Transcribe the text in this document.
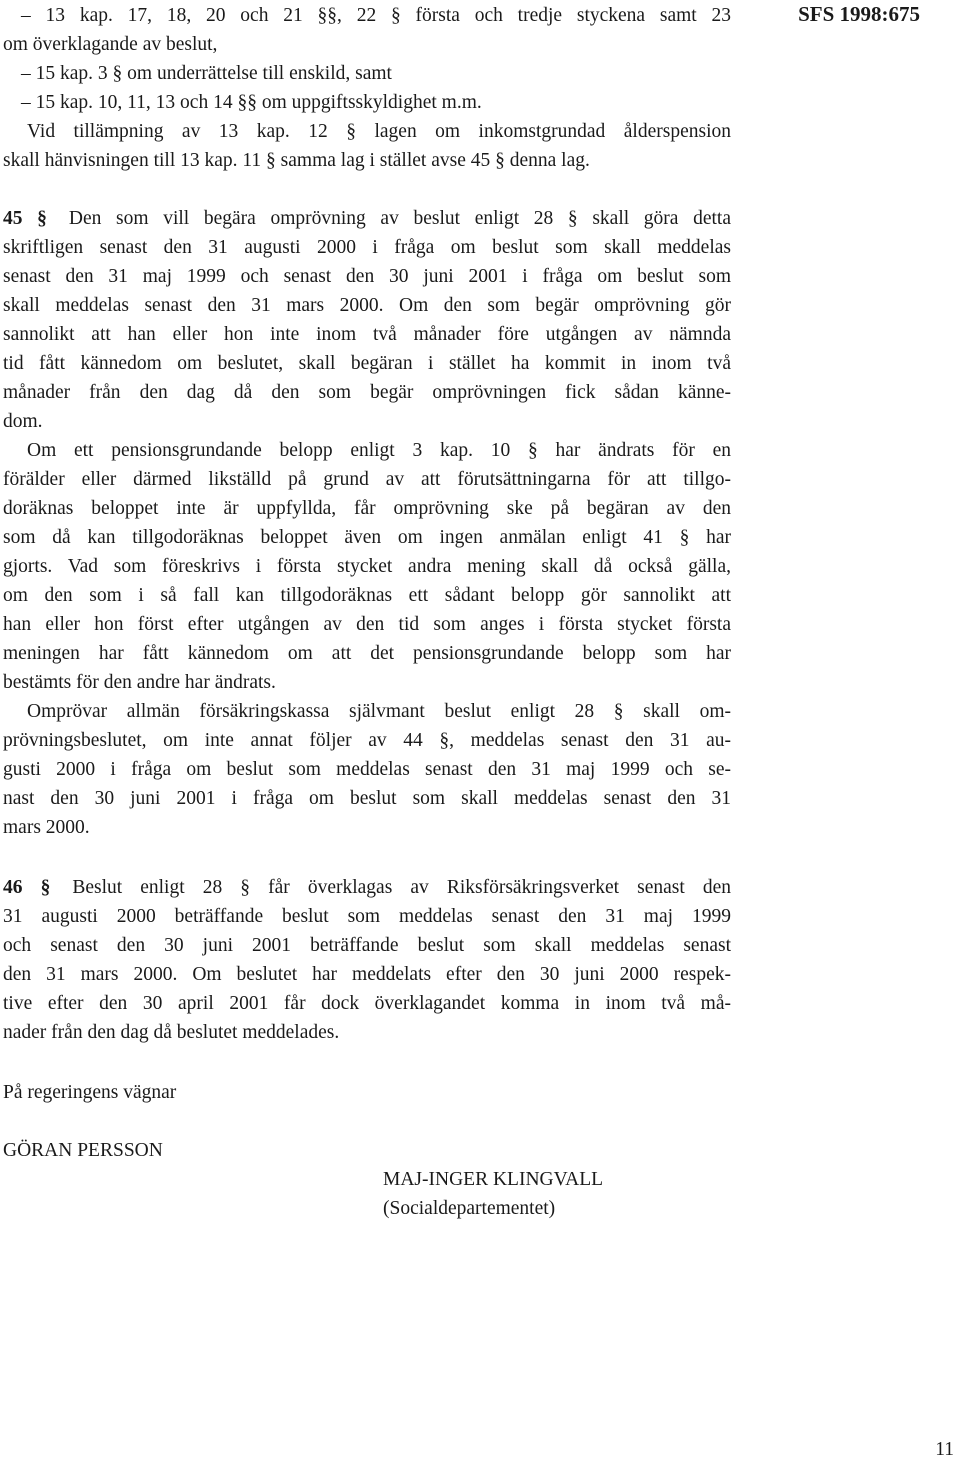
SFS 1998:675
– 13 kap. 17, 18, 20 och 21 §§, 22 § första och tredje styckena samt 23
om överklagande av beslut,
– 15 kap. 3 § om underrättelse till enskild, samt
– 15 kap. 10, 11, 13 och 14 §§ om uppgiftsskyldighet m.m.
Vid tillämpning av 13 kap. 12 § lagen om inkomstgrundad ålderspension
skall hänvisningen till 13 kap. 11 § samma lag i stället avse 45 § denna lag.
45 § Den som vill begära omprövning av beslut enligt 28 § skall göra detta
skriftligen senast den 31 augusti 2000 i fråga om beslut som skall meddelas
senast den 31 maj 1999 och senast den 30 juni 2001 i fråga om beslut som
skall meddelas senast den 31 mars 2000. Om den som begär omprövning gör
sannolikt att han eller hon inte inom två månader före utgången av nämnda
tid fått kännedom om beslutet, skall begäran i stället ha kommit in inom två
månader från den dag då den som begär omprövningen fick sådan känne-
dom.
Om ett pensionsgrundande belopp enligt 3 kap. 10 § har ändrats för en
förälder eller därmed likställd på grund av att förutsättningarna för att tillgo-
doräknas beloppet inte är uppfyllda, får omprövning ske på begäran av den
som då kan tillgodoräknas beloppet även om ingen anmälan enligt 41 § har
gjorts. Vad som föreskrivs i första stycket andra mening skall då också gälla,
om den som i så fall kan tillgodoräknas ett sådant belopp gör sannolikt att
han eller hon först efter utgången av den tid som anges i första stycket första
meningen har fått kännedom om att det pensionsgrundande belopp som har
bestämts för den andre har ändrats.
Omprövar allmän försäkringskassa självmant beslut enligt 28 § skall om-
prövningsbeslutet, om inte annat följer av 44 §, meddelas senast den 31 au-
gusti 2000 i fråga om beslut som meddelas senast den 31 maj 1999 och se-
nast den 30 juni 2001 i fråga om beslut som skall meddelas senast den 31
mars 2000.
46 § Beslut enligt 28 § får överklagas av Riksförsäkringsverket senast den
31 augusti 2000 beträffande beslut som meddelas senast den 31 maj 1999
och senast den 30 juni 2001 beträffande beslut som skall meddelas senast
den 31 mars 2000. Om beslutet har meddelats efter den 30 juni 2000 respek-
tive efter den 30 april 2001 får dock överklagandet komma in inom två må-
nader från den dag då beslutet meddelades.
På regeringens vägnar
GÖRAN PERSSON
MAJ-INGER KLINGVALL
(Socialdepartementet)
11
